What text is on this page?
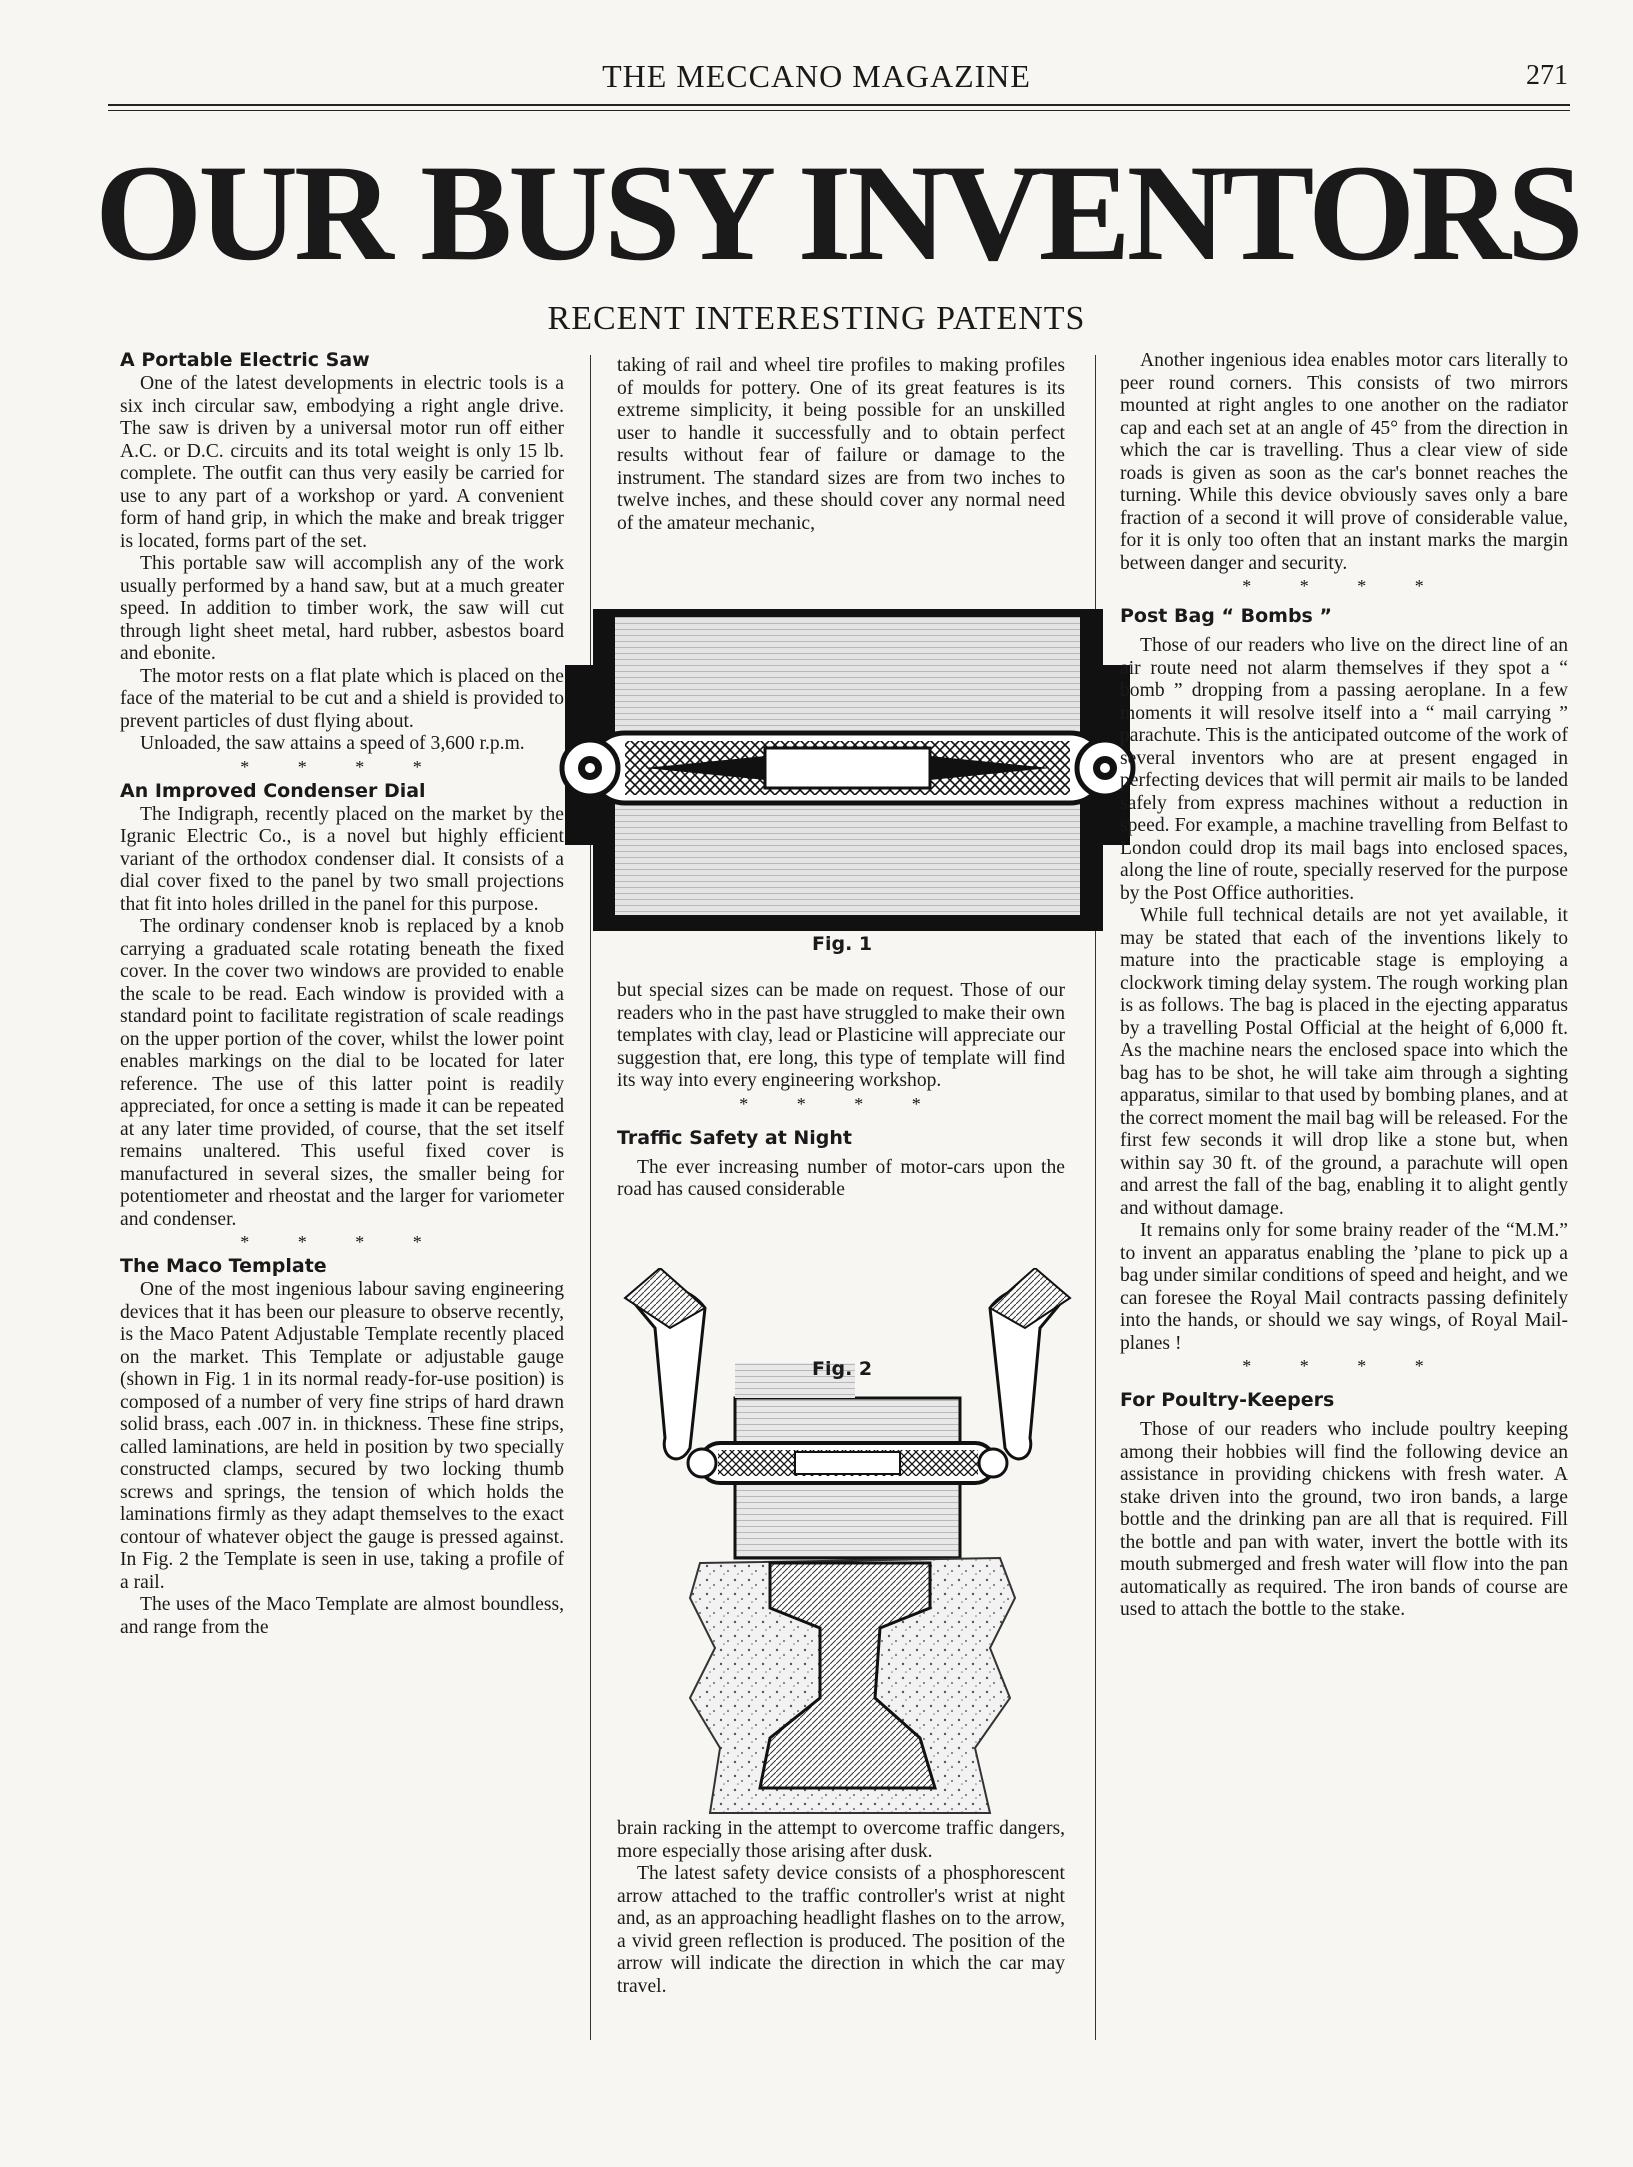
THE MECCANO MAGAZINE	271
OUR BUSY INVENTORS
RECENT INTERESTING PATENTS
A Portable Electric Saw

One of the latest developments in electric tools is a six inch circular saw, embodying a right angle drive. The saw is driven by a universal motor run off either A.C. or D.C. circuits and its total weight is only 15 lb. complete. The outfit can thus very easily be carried for use to any part of a workshop or yard. A convenient form of hand grip, in which the make and break trigger is located, forms part of the set.

This portable saw will accomplish any of the work usually performed by a hand saw, but at a much greater speed. In addition to timber work, the saw will cut through light sheet metal, hard rubber, asbestos board and ebonite.

The motor rests on a flat plate which is placed on the face of the material to be cut and a shield is provided to prevent particles of dust flying about.

Unloaded, the saw attains a speed of 3,600 r.p.m.

* * * *
An Improved Condenser Dial

The Indigraph, recently placed on the market by the Igranic Electric Co., is a novel but highly efficient variant of the orthodox condenser dial. It consists of a dial cover fixed to the panel by two small projections that fit into holes drilled in the panel for this purpose.

The ordinary condenser knob is replaced by a knob carrying a graduated scale rotating beneath the fixed cover. In the cover two windows are provided to enable the scale to be read. Each window is provided with a standard point to facilitate registration of scale readings on the upper portion of the cover, whilst the lower point enables markings on the dial to be located for later reference. The use of this latter point is readily appreciated, for once a setting is made it can be repeated at any later time provided, of course, that the set itself remains unaltered. This useful fixed cover is manufactured in several sizes, the smaller being for potentiometer and rheostat and the larger for variometer and condenser.

* * * *
The Maco Template

One of the most ingenious labour saving engineering devices that it has been our pleasure to observe recently, is the Maco Patent Adjustable Template recently placed on the market. This Template or adjustable gauge (shown in Fig. 1 in its normal ready-for-use position) is composed of a number of very fine strips of hard drawn solid brass, each .007 in. in thickness. These fine strips, called laminations, are held in position by two specially constructed clamps, secured by two locking thumb screws and springs, the tension of which holds the laminations firmly as they adapt themselves to the exact contour of whatever object the gauge is pressed against. In Fig. 2 the Template is seen in use, taking a profile of a rail.

The uses of the Maco Template are almost boundless, and range from the

taking of rail and wheel tire profiles to making profiles of moulds for pottery. One of its great features is its extreme simplicity, it being possible for an unskilled user to handle it successfully and to obtain perfect results without fear of failure or damage to the instrument. The standard sizes are from two inches to twelve inches, and these should cover any normal need of the amateur mechanic,

Fig. 1

but special sizes can be made on request. Those of our readers who in the past have struggled to make their own templates with clay, lead or Plasticine will appreciate our suggestion that, ere long, this type of template will find its way into every engineering workshop.

* * * *
Traffic Safety at Night

The ever increasing number of motor-cars upon the road has caused considerable

Fig. 2

brain racking in the attempt to overcome traffic dangers, more especially those arising after dusk.

The latest safety device consists of a phosphorescent arrow attached to the traffic controller's wrist at night and, as an approaching headlight flashes on to the arrow, a vivid green reflection is produced. The position of the arrow will indicate the direction in which the car may travel.

Another ingenious idea enables motor cars literally to peer round corners. This consists of two mirrors mounted at right angles to one another on the radiator cap and each set at an angle of 45° from the direction in which the car is travelling. Thus a clear view of side roads is given as soon as the car's bonnet reaches the turning. While this device obviously saves only a bare fraction of a second it will prove of considerable value, for it is only too often that an instant marks the margin between danger and security.

* * * *
Post Bag “ Bombs ”

Those of our readers who live on the direct line of an air route need not alarm themselves if they spot a “ bomb ” dropping from a passing aeroplane. In a few moments it will resolve itself into a “ mail carrying ” parachute. This is the anticipated outcome of the work of several inventors who are at present engaged in perfecting devices that will permit air mails to be landed safely from express machines without a reduction in speed. For example, a machine travelling from Belfast to London could drop its mail bags into enclosed spaces, along the line of route, specially reserved for the purpose by the Post Office authorities.

While full technical details are not yet available, it may be stated that each of the inventions likely to mature into the practicable stage is employing a clockwork timing delay system. The rough working plan is as follows. The bag is placed in the ejecting apparatus by a travelling Postal Official at the height of 6,000 ft. As the machine nears the enclosed space into which the bag has to be shot, he will take aim through a sighting apparatus, similar to that used by bombing planes, and at the correct moment the mail bag will be released. For the first few seconds it will drop like a stone but, when within say 30 ft. of the ground, a parachute will open and arrest the fall of the bag, enabling it to alight gently and without damage.

It remains only for some brainy reader of the “M.M.” to invent an apparatus enabling the ’plane to pick up a bag under similar conditions of speed and height, and we can foresee the Royal Mail contracts passing definitely into the hands, or should we say wings, of Royal Mail-planes !

* * * *
For Poultry-Keepers

Those of our readers who include poultry keeping among their hobbies will find the following device an assistance in providing chickens with fresh water. A stake driven into the ground, two iron bands, a large bottle and the drinking pan are all that is required. Fill the bottle and pan with water, invert the bottle with its mouth submerged and fresh water will flow into the pan automatically as required. The iron bands of course are used to attach the bottle to the stake.
